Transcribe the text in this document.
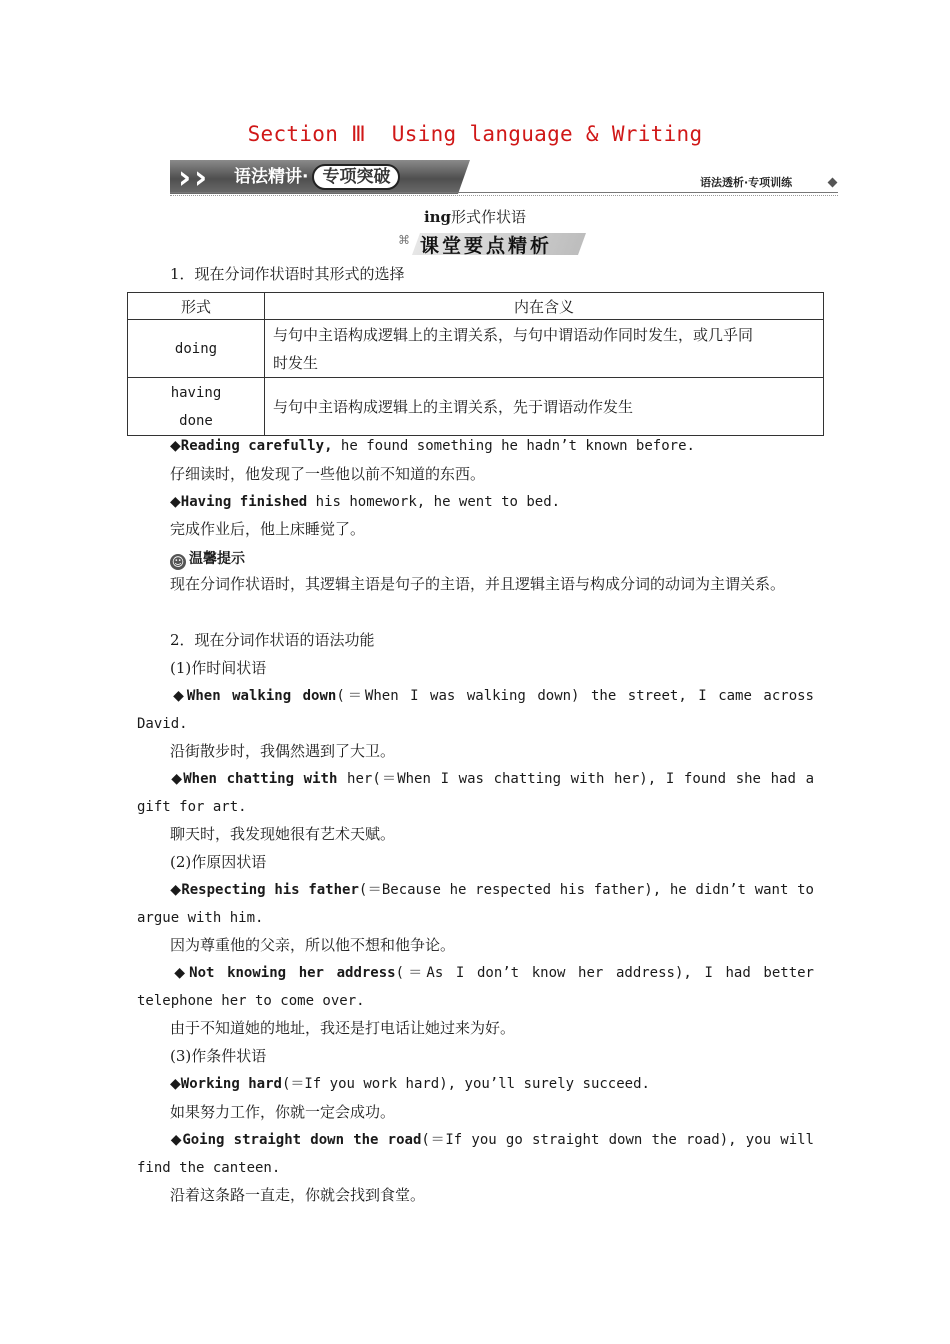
Section Ⅲ  Using language & Writing
› › 语法精讲· 专项突破	语法透析·专项训练
ing形式作状语
⌘ 课堂要点精析
1．现在分词作状语时其形式的选择
形式	内在含义
doing	与句中主语构成逻辑上的主谓关系，与句中谓语动作同时发生，或几乎同
时发生

having
done	与句中主语构成逻辑上的主谓关系，先于谓语动作发生
◆Reading carefully, he found something he hadn’t known before.
仔细读时，他发现了一些他以前不知道的东西。
◆Having finished his homework, he went to bed.
完成作业后，他上床睡觉了。
☺ 温馨提示
现在分词作状语时，其逻辑主语是句子的主语，并且逻辑主语与构成分词的动词为主谓关系。
2．现在分词作状语的语法功能
(1)作时间状语
◆When walking down(＝When I was walking down) the street, I came across David.
沿街散步时，我偶然遇到了大卫。
◆When chatting with her(＝When I was chatting with her), I found she had a gift for art.
聊天时，我发现她很有艺术天赋。
(2)作原因状语
◆Respecting his father(＝Because he respected his father), he didn’t want to argue with him.
因为尊重他的父亲，所以他不想和他争论。
◆Not knowing her address(＝As I don’t know her address), I had better telephone her to come over.
由于不知道她的地址，我还是打电话让她过来为好。
(3)作条件状语
◆Working hard(＝If you work hard), you’ll surely succeed.
如果努力工作，你就一定会成功。
◆Going straight down the road(＝If you go straight down the road), you will find the canteen.
沿着这条路一直走，你就会找到食堂。
